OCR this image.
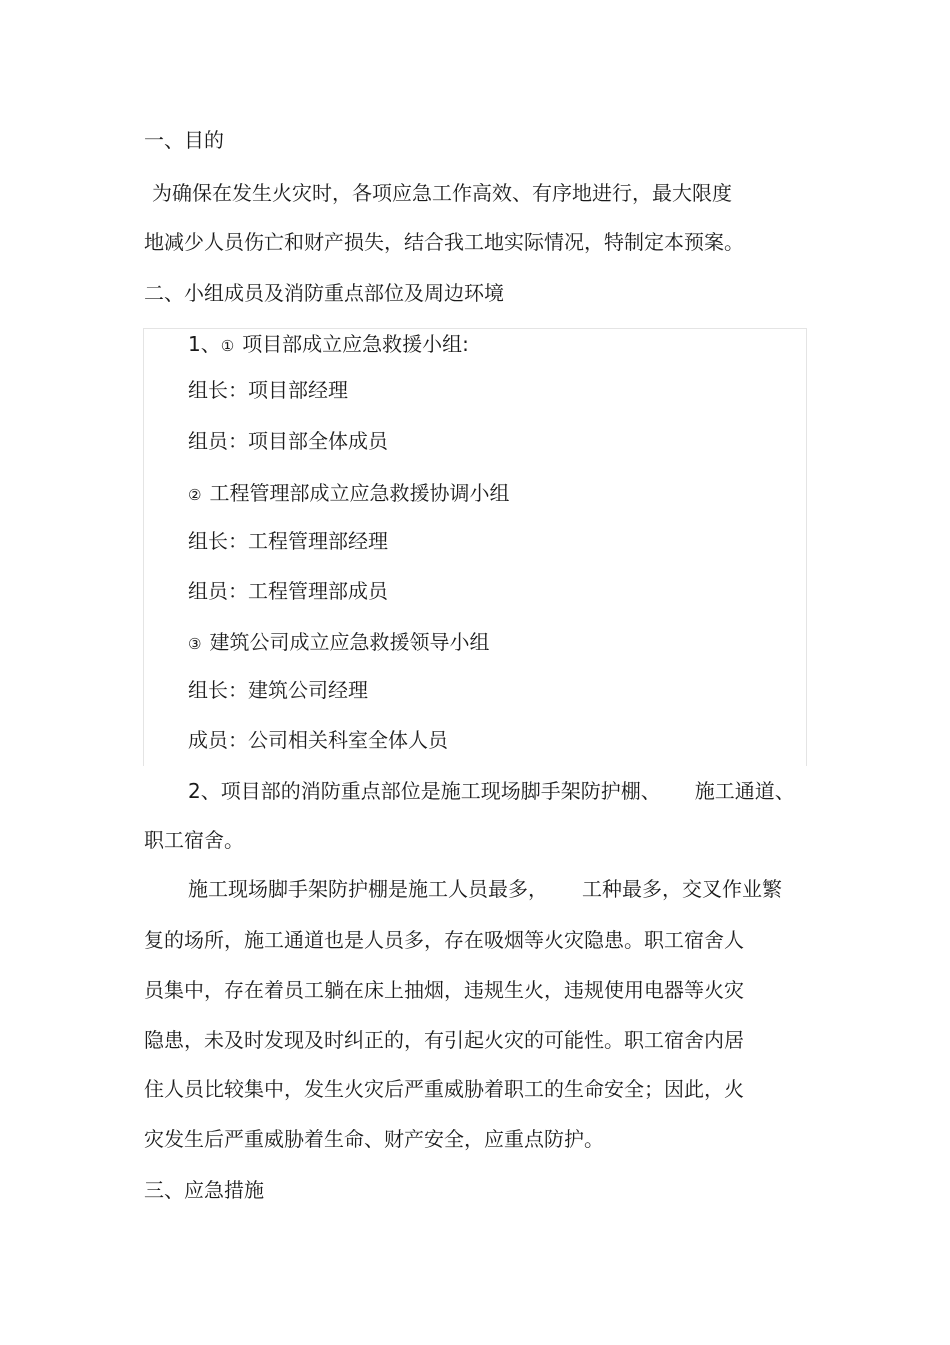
一、目的
为确保在发生火灾时，各项应急工作高效、有序地进行，最大限度
地减少人员伤亡和财产损失，结合我工地实际情况，特制定本预案。
二、小组成员及消防重点部位及周边环境
1、① 项目部成立应急救援小组:
组长：项目部经理
组员：项目部全体成员
② 工程管理部成立应急救援协调小组
组长：工程管理部经理
组员：工程管理部成员
③ 建筑公司成立应急救援领导小组
组长：建筑公司经理
成员：公司相关科室全体人员
2、项目部的消防重点部位是施工现场脚手架防护棚、 施工通道、
职工宿舍。
施工现场脚手架防护棚是施工人员最多， 工种最多，交叉作业繁
复的场所，施工通道也是人员多，存在吸烟等火灾隐患。职工宿舍人
员集中，存在着员工躺在床上抽烟，违规生火，违规使用电器等火灾
隐患，未及时发现及时纠正的，有引起火灾的可能性。职工宿舍内居
住人员比较集中，发生火灾后严重威胁着职工的生命安全；因此，火
灾发生后严重威胁着生命、财产安全，应重点防护。
三、应急措施
